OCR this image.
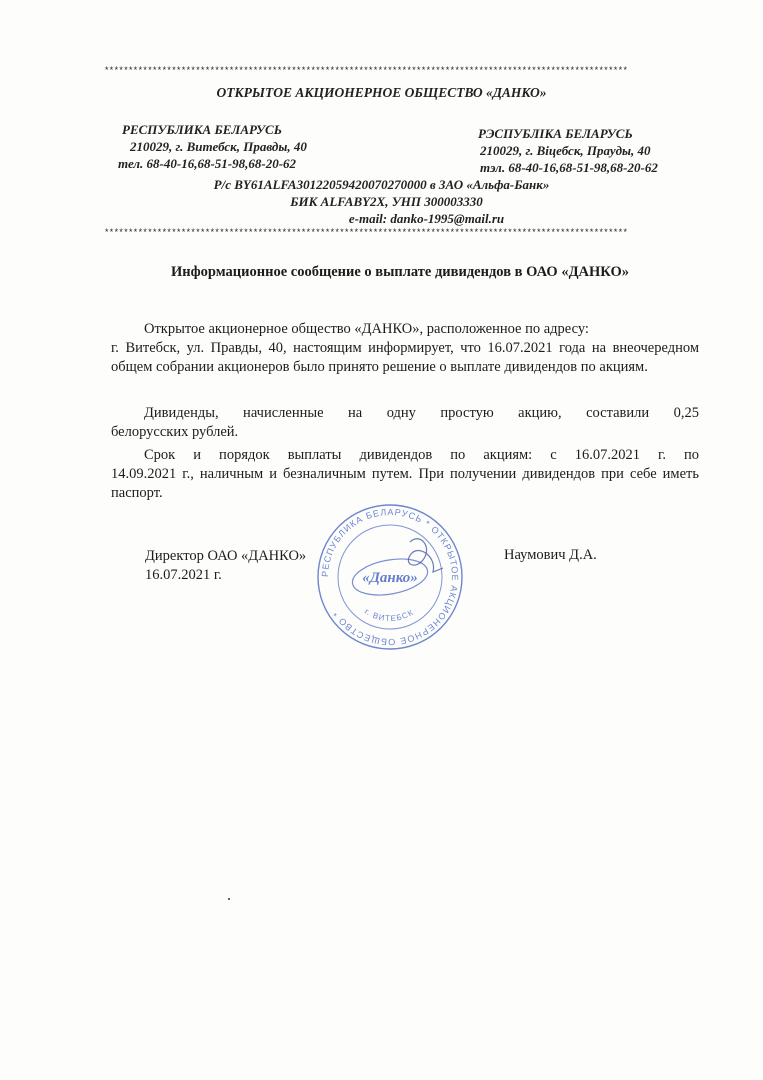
*************************************************************************************************************
ОТКРЫТОЕ АКЦИОНЕРНОЕ ОБЩЕСТВО «ДАНКО»
РЕСПУБЛИКА БЕЛАРУСЬ
210029, г. Витебск, Правды, 40
тел. 68-40-16,68-51-98,68-20-62
РЭСПУБЛІКА БЕЛАРУСЬ
210029, г. Віцебск, Прауды, 40
тэл. 68-40-16,68-51-98,68-20-62
Р/с BY61ALFA30122059420070270000 в ЗАО «Альфа-Банк»
БИК ALFABY2X, УНП 300003330
e-mail: danko-1995@mail.ru
*************************************************************************************************************
Информационное сообщение о выплате дивидендов в ОАО «ДАНКО»
Открытое акционерное общество «ДАНКО», расположенное по адресу:
г. Витебск, ул. Правды, 40, настоящим информирует, что 16.07.2021 года на внеочередном общем собрании акционеров было принято решение о выплате дивидендов по акциям.
Дивиденды, начисленные на одну простую акцию, составили 0,25
белорусских рублей.
Срок и порядок выплаты дивидендов по акциям: с 16.07.2021 г. по
14.09.2021 г., наличным и безналичным путем. При получении дивидендов при себе иметь паспорт.
РЕСПУБЛИКА БЕЛАРУСЬ * ОТКРЫТОЕ АКЦИОНЕРНОЕ ОБЩЕСТВО *	г. ВИТЕБСК
«Данко»
Директор ОАО «ДАНКО»
16.07.2021 г.
Наумович Д.А.
